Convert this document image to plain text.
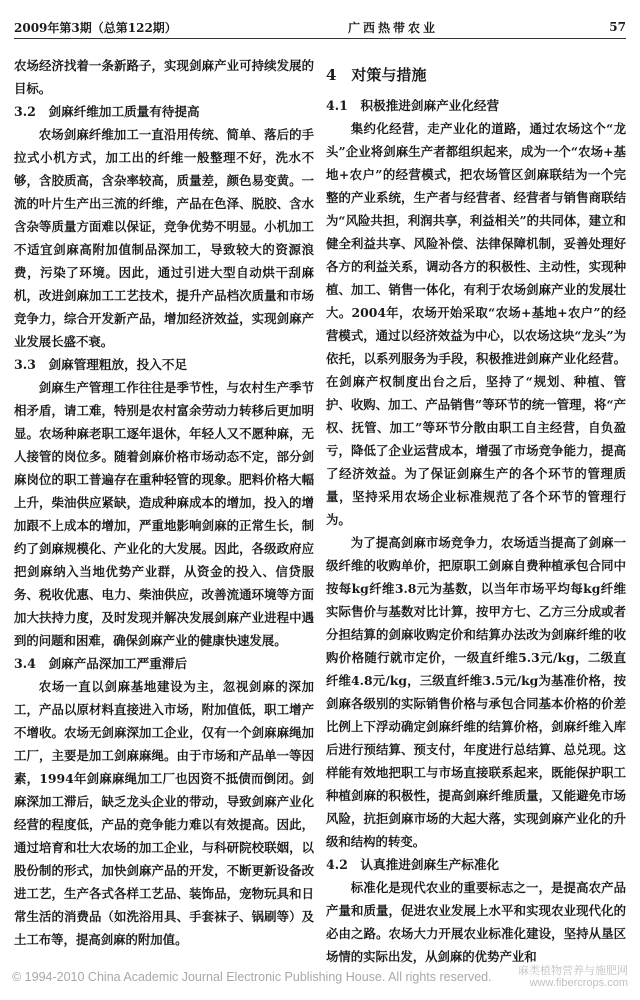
2009年第3期（总第122期）	广西热带农业	57

农场经济找着一条新路子，实现剑麻产业可持续发展的目标。

3.2　剑麻纤维加工质量有待提高

农场剑麻纤维加工一直沿用传统、简单、落后的手拉式小机方式，加工出的纤维一般整理不好，洗水不够，含胶质高，含杂率较高，质量差，颜色易变黄。一流的叶片生产出三流的纤维，产品在色泽、脱胶、含水含杂等质量方面难以保证，竞争优势不明显。小机加工不适宜剑麻高附加值制品深加工，导致较大的资源浪费，污染了环境。因此，通过引进大型自动烘干刮麻机，改进剑麻加工工艺技术，提升产品档次质量和市场竞争力，综合开发新产品，增加经济效益，实现剑麻产业发展长盛不衰。

3.3　剑麻管理粗放，投入不足

剑麻生产管理工作往往是季节性，与农村生产季节相矛盾，请工难，特别是农村富余劳动力转移后更加明显。农场种麻老职工逐年退休，年轻人又不愿种麻，无人接管的岗位多。随着剑麻价格市场动态不定，部分剑麻岗位的职工普遍存在重种轻管的现象。肥料价格大幅上升，柴油供应紧缺，造成种麻成本的增加，投入的增加跟不上成本的增加，严重地影响剑麻的正常生长，制约了剑麻规模化、产业化的大发展。因此，各级政府应把剑麻纳入当地优势产业群，从资金的投入、信贷服务、税收优惠、电力、柴油供应，改善流通环境等方面加大扶持力度，及时发现并解决发展剑麻产业进程中遇到的问题和困难，确保剑麻产业的健康快速发展。

3.4　剑麻产品深加工严重滞后

农场一直以剑麻基地建设为主，忽视剑麻的深加工，产品以原材料直接进入市场，附加值低，职工增产不增收。农场无剑麻深加工企业，仅有一个剑麻麻绳加工厂，主要是加工剑麻麻绳。由于市场和产品单一等因素，1994年剑麻麻绳加工厂也因资不抵债而倒闭。剑麻深加工滞后，缺乏龙头企业的带动，导致剑麻产业化经营的程度低，产品的竞争能力难以有效提高。因此，通过培育和壮大农场的加工企业，与科研院校联姻，以股份制的形式，加快剑麻产品的开发，不断更新设备改进工艺，生产各式各样工艺品、装饰品，宠物玩具和日常生活的消费品（如洗浴用具、手套袜子、锅刷等）及土工布等，提高剑麻的附加值。

4　对策与措施
4.1　积极推进剑麻产业化经营

集约化经营，走产业化的道路，通过农场这个“龙头”企业将剑麻生产者都组织起来，成为一个“农场+基地+农户”的经营模式，把农场管区剑麻联结为一个完整的产业系统，生产者与经营者、经营者与销售商联结为“风险共担，利润共享，利益相关”的共同体，建立和健全利益共享、风险补偿、法律保障机制，妥善处理好各方的利益关系，调动各方的积极性、主动性，实现种植、加工、销售一体化，有利于农场剑麻产业的发展壮大。2004年，农场开始采取“农场+基地+农户”的经营模式，通过以经济效益为中心，以农场这块“龙头”为依托，以系列服务为手段，积极推进剑麻产业化经营。在剑麻产权制度出台之后，坚持了“规划、种植、管护、收购、加工、产品销售”等环节的统一管理，将“产权、抚管、加工”等环节分散由职工自主经营，自负盈亏，降低了企业运营成本，增强了市场竞争能力，提高了经济效益。为了保证剑麻生产的各个环节的管理质量，坚持采用农场企业标准规范了各个环节的管理行为。

为了提高剑麻市场竞争力，农场适当提高了剑麻一级纤维的收购单价，把原职工剑麻自费种植承包合同中按每kg纤维3.8元为基数，以当年市场平均每kg纤维实际售价与基数对比计算，按甲方七、乙方三分成或者分担结算的剑麻收购定价和结算办法改为剑麻纤维的收购价格随行就市定价，一级直纤维5.3元/kg，二级直纤维4.8元/kg，三级直纤维3.5元/kg为基准价格，按剑麻各级别的实际销售价格与承包合同基本价格的价差比例上下浮动确定剑麻纤维的结算价格，剑麻纤维入库后进行预结算、预支付，年度进行总结算、总兑现。这样能有效地把职工与市场直接联系起来，既能保护职工种植剑麻的积极性，提高剑麻纤维质量，又能避免市场风险，抗拒剑麻市场的大起大落，实现剑麻产业化的升级和结构的转变。

4.2　认真推进剑麻生产标准化

标准化是现代农业的重要标志之一，是提高农产品产量和质量，促进农业发展上水平和实现农业现代化的必由之路。农场大力开展农业标准化建设，坚持从垦区场情的实际出发，从剑麻的优势产业和

© 1994-2010 China Academic Journal Electronic Publishing House. All rights reserved. 麻类植物营养与施肥网
www.fibercrops.com
